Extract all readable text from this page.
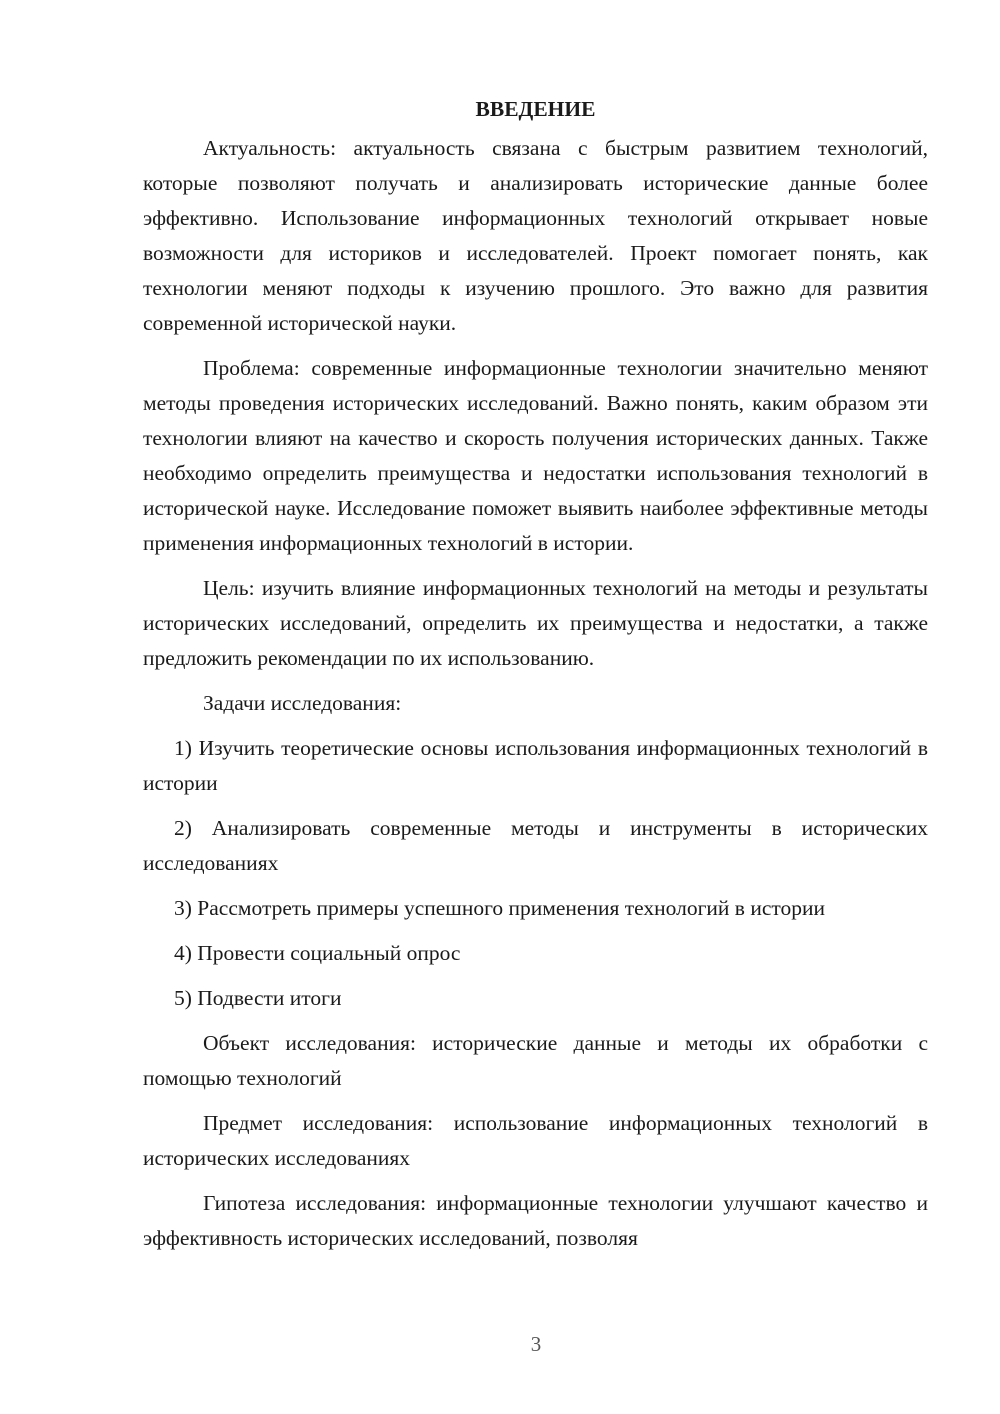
ВВЕДЕНИЕ

Актуальность: актуальность связана с быстрым развитием технологий, которые позволяют получать и анализировать исторические данные более эффективно. Использование информационных технологий открывает новые возможности для историков и исследователей. Проект помогает понять, как технологии меняют подходы к изучению прошлого. Это важно для развития современной исторической науки.

Проблема: современные информационные технологии значительно меняют методы проведения исторических исследований. Важно понять, каким образом эти технологии влияют на качество и скорость получения исторических данных. Также необходимо определить преимущества и недостатки использования технологий в исторической науке. Исследование поможет выявить наиболее эффективные методы применения информационных технологий в истории.

Цель: изучить влияние информационных технологий на методы и результаты исторических исследований, определить их преимущества и недостатки, а также предложить рекомендации по их использованию.

Задачи исследования:

1) Изучить теоретические основы использования информационных технологий в истории

2) Анализировать современные методы и инструменты в исторических исследованиях

3) Рассмотреть примеры успешного применения технологий в истории

4) Провести социальный опрос

5) Подвести итоги

Объект исследования: исторические данные и методы их обработки с помощью технологий

Предмет исследования: использование информационных технологий в исторических исследованиях

Гипотеза исследования: информационные технологии улучшают качество и эффективность исторических исследований, позволяя

3
